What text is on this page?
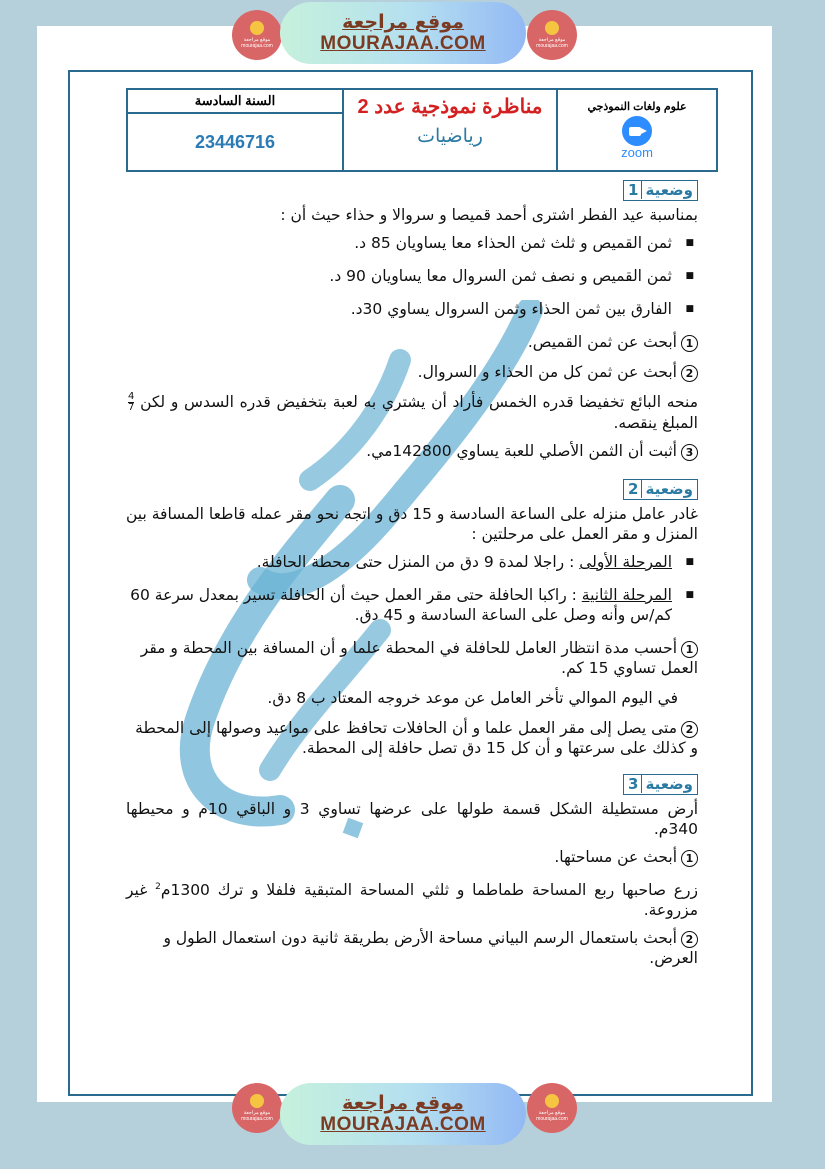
موقع مراجعة mourajaa.com
موقع مراجعة
MOURAJAA.COM	موقع مراجعة mourajaa.com
السنة السادسة
23446716
مناظرة نموذجية عدد 2
رياضيات
علوم ولغات النموذجي
zoom
وضعية1
بمناسبة عيد الفطر اشترى أحمد قميصا و سروالا و حذاء حيث أن :
■ ثمن القميص و ثلث ثمن الحذاء معا يساويان 85 د.
■ ثمن القميص و نصف ثمن السروال معا يساويان 90 د.
■ الفارق بين ثمن الحذاء وثمن السروال يساوي 30د.
1أبحث عن ثمن القميص.
2أبحث عن ثمن كل من الحذاء و السروال.
منحه البائع تخفيضا قدره الخمس فأراد أن يشتري به لعبة بتخفيض قدره السدس و لكن
$\frac{4}{7}$
المبلغ ينقصه.
3أثبت أن الثمن الأصلي للعبة يساوي 142800مي.
وضعية2
غادر عامل منزله على الساعة السادسة و 15 دق و اتجه نحو مقر عمله قاطعا المسافة بين المنزل و مقر العمل على مرحلتين :
■ المرحلة الأولى : راجلا لمدة 9 دق من المنزل حتى محطة الحافلة.
■ المرحلة الثانية : راكبا الحافلة حتى مقر العمل حيث أن الحافلة تسير بمعدل سرعة 60 كم/س وأنه وصل على الساعة السادسة و 45 دق.
1أحسب مدة انتظار العامل للحافلة في المحطة علما و أن المسافة بين المحطة و مقر العمل تساوي 15 كم.
في اليوم الموالي تأخر العامل عن موعد خروجه المعتاد ب 8 دق.
2متى يصل إلى مقر العمل علما و أن الحافلات تحافظ على مواعيد وصولها إلى المحطة و كذلك على سرعتها و أن كل 15 دق تصل حافلة إلى المحطة.
وضعية3
أرض مستطيلة الشكل قسمة طولها على عرضها تساوي 3 و الباقي 10م و محيطها 340م.
1أبحث عن مساحتها.
زرع صاحبها ربع المساحة طماطما و ثلثي المساحة المتبقية فلفلا و ترك 1300م$^2$ غير مزروعة.
2أبحث باستعمال الرسم البياني مساحة الأرض بطريقة ثانية دون استعمال الطول و العرض.
موقع مراجعة mourajaa.com
موقع مراجعة
MOURAJAA.COM
موقع مراجعة mourajaa.com
